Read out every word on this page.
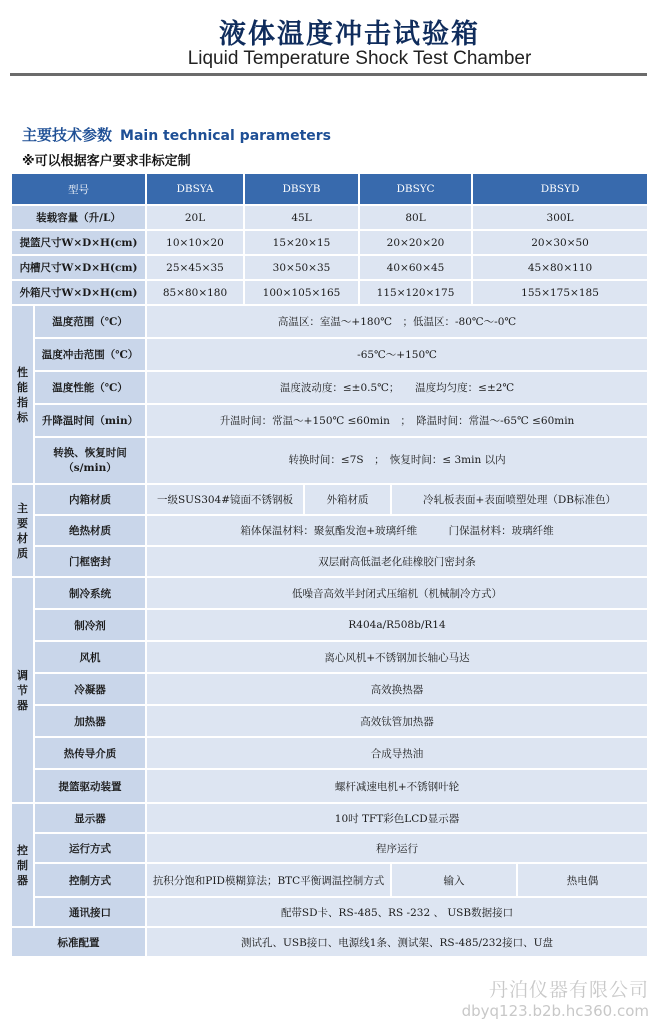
液体温度冲击试验箱
Liquid Temperature Shock Test Chamber
主要技术参数 Main technical parameters
※可以根据客户要求非标定制
型号		DBSYA	DBSYB		DBSYC		DBSYD	
装载容量（升/L）		20L	45L		80L		300L	
提篮尺寸W×D×H(cm)		10×10×20	15×20×15		20×20×20		20×30×50	
内槽尺寸W×D×H(cm)		25×45×35	30×50×35		40×60×45		45×80×110	
外箱尺寸W×D×H(cm)		85×80×180	100×105×165		115×120×175		155×175×185	

性
能
指
标	温度范围（℃）	高温区：室温～+180℃　；低温区：-80℃～-0℃						
	温度冲击范围（℃）	-65℃～+150℃						
	温度性能（℃）	温度波动度：≤±0.5℃；　　温度均匀度：≤±2℃						
	升降温时间（min）	升温时间：常温～+150℃ ≤60min　；　降温时间：常温～-65℃ ≤60min						

	转换、恢复时间
（s/min）	转换时间：≤7S　；　恢复时间：≤ 3min 以内						

主
要
材
质	内箱材质	一级SUS304#镜面不锈钢板		外箱材质		冷轧板表面+表面喷塑处理（DB标准色）		
	绝热材质	箱体保温材料：聚氨酯发泡+玻璃纤维　　　门保温材料：玻璃纤维						
	门框密封	双层耐高低温老化硅橡胶门密封条						

调
节
器	制冷系统	低噪音高效半封闭式压缩机（机械制冷方式）						
	制冷剂	R404a/R508b/R14						
	风机	离心风机+不锈钢加长轴心马达						
	冷凝器	高效换热器						
	加热器	高效钛管加热器						
	热传导介质	合成导热油						
	提篮驱动装置	螺杆减速电机+不锈钢叶轮						

控
制
器	显示器	10吋 TFT彩色LCD显示器						
	运行方式	程序运行						
	控制方式	抗积分饱和PID模糊算法；BTC平衡调温控制方式				输入		热电偶
	通讯接口	配带SD卡、RS-485、RS -232 、 USB数据接口						
标准配置		测试孔、USB接口、电源线1条、测试架、RS-485/232接口、U盘						
丹泊仪器有限公司
dbyq123.b2b.hc360.com
